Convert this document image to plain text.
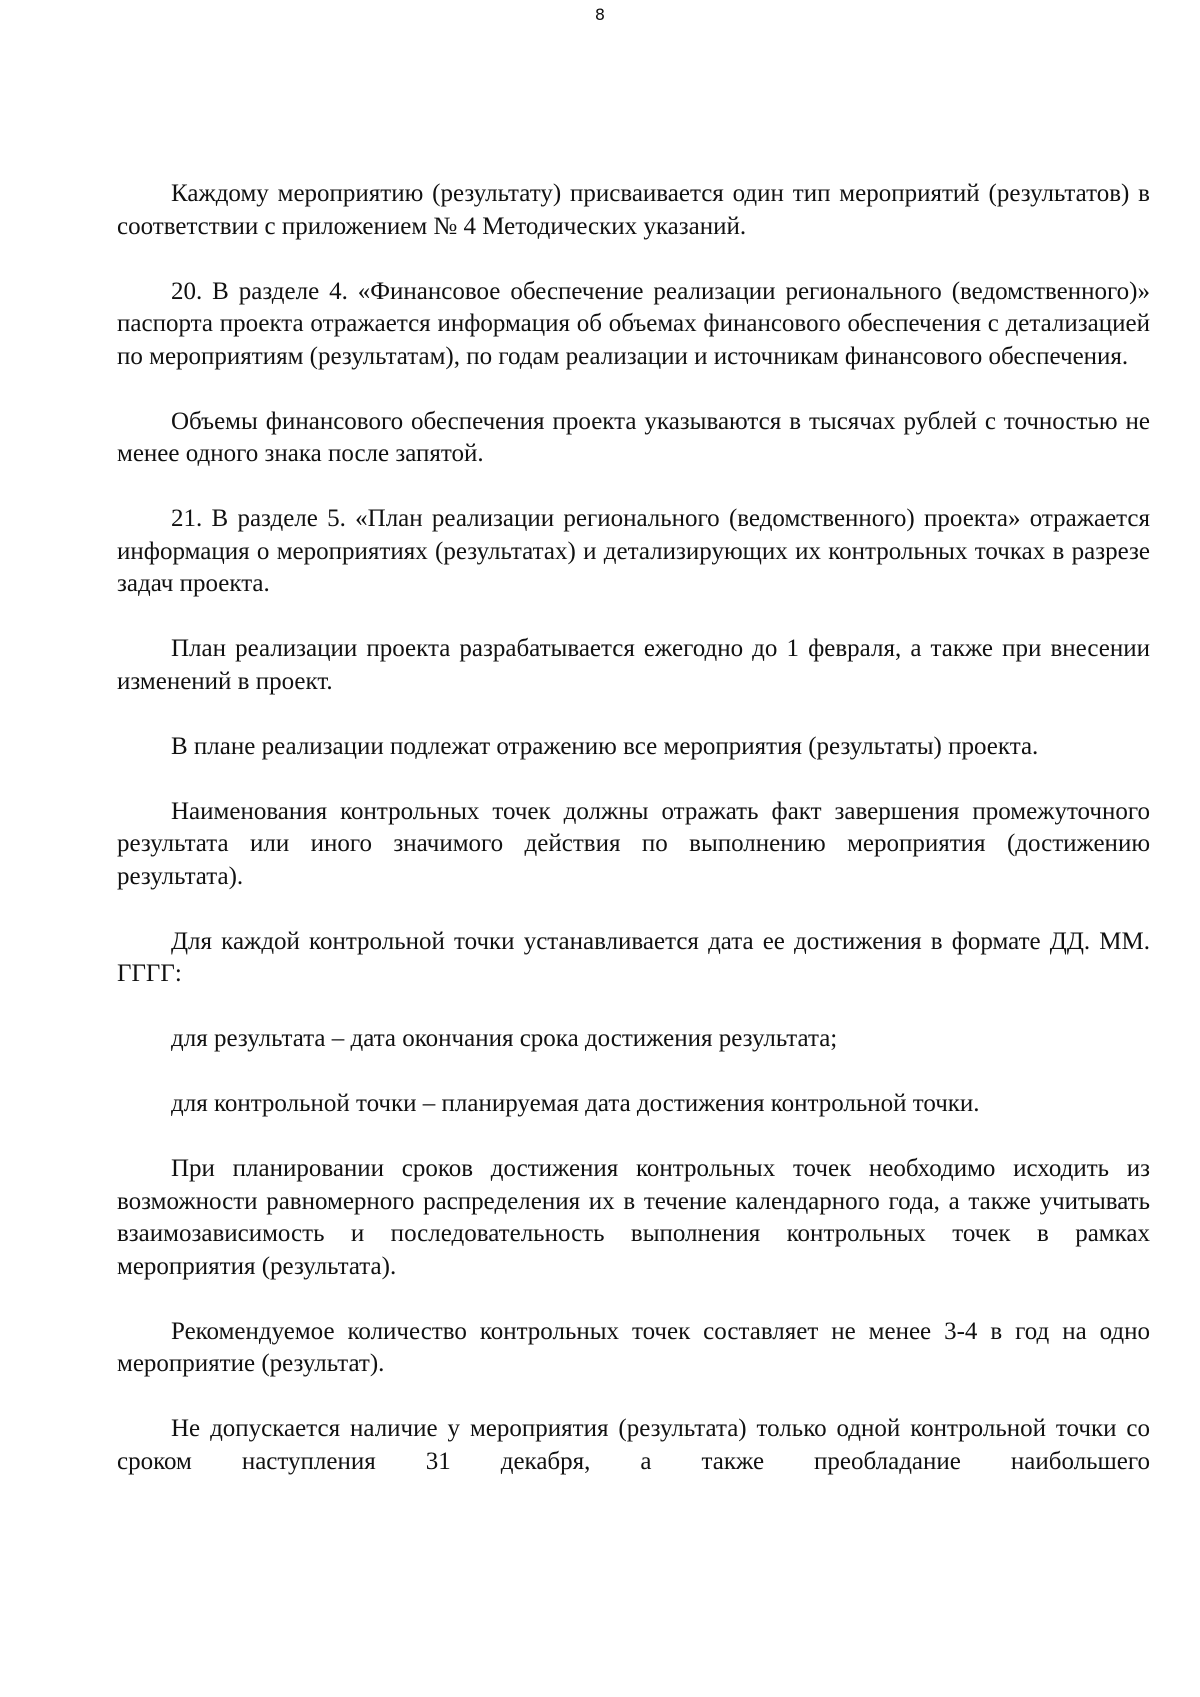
8

Каждому мероприятию (результату) присваивается один тип мероприятий (результатов) в соответствии с приложением № 4 Методических указаний.

20. В разделе 4. «Финансовое обеспечение реализации регионального (ведомственного)» паспорта проекта отражается информация об объемах финансового обеспечения с детализацией по мероприятиям (результатам), по годам реализации и источникам финансового обеспечения.

Объемы финансового обеспечения проекта указываются в тысячах рублей с точностью не менее одного знака после запятой.

21. В разделе 5. «План реализации регионального (ведомственного) проекта» отражается информация о мероприятиях (результатах) и детализирующих их контрольных точках в разрезе задач проекта.

План реализации проекта разрабатывается ежегодно до 1 февраля, а также при внесении изменений в проект.

В плане реализации подлежат отражению все мероприятия (результаты) проекта.

Наименования контрольных точек должны отражать факт завершения промежуточного результата или иного значимого действия по выполнению мероприятия (достижению результата).

Для каждой контрольной точки устанавливается дата ее достижения в формате ДД. ММ. ГГГГ:

для результата – дата окончания срока достижения результата;

для контрольной точки – планируемая дата достижения контрольной точки.

При планировании сроков достижения контрольных точек необходимо исходить из возможности равномерного распределения их в течение календарного года, а также учитывать взаимозависимость и последовательность выполнения контрольных точек в рамках мероприятия (результата).

Рекомендуемое количество контрольных точек составляет не менее 3-4 в год на одно мероприятие (результат).

Не допускается наличие у мероприятия (результата) только одной контрольной точки со сроком наступления 31 декабря, а также преобладание наибольшего
